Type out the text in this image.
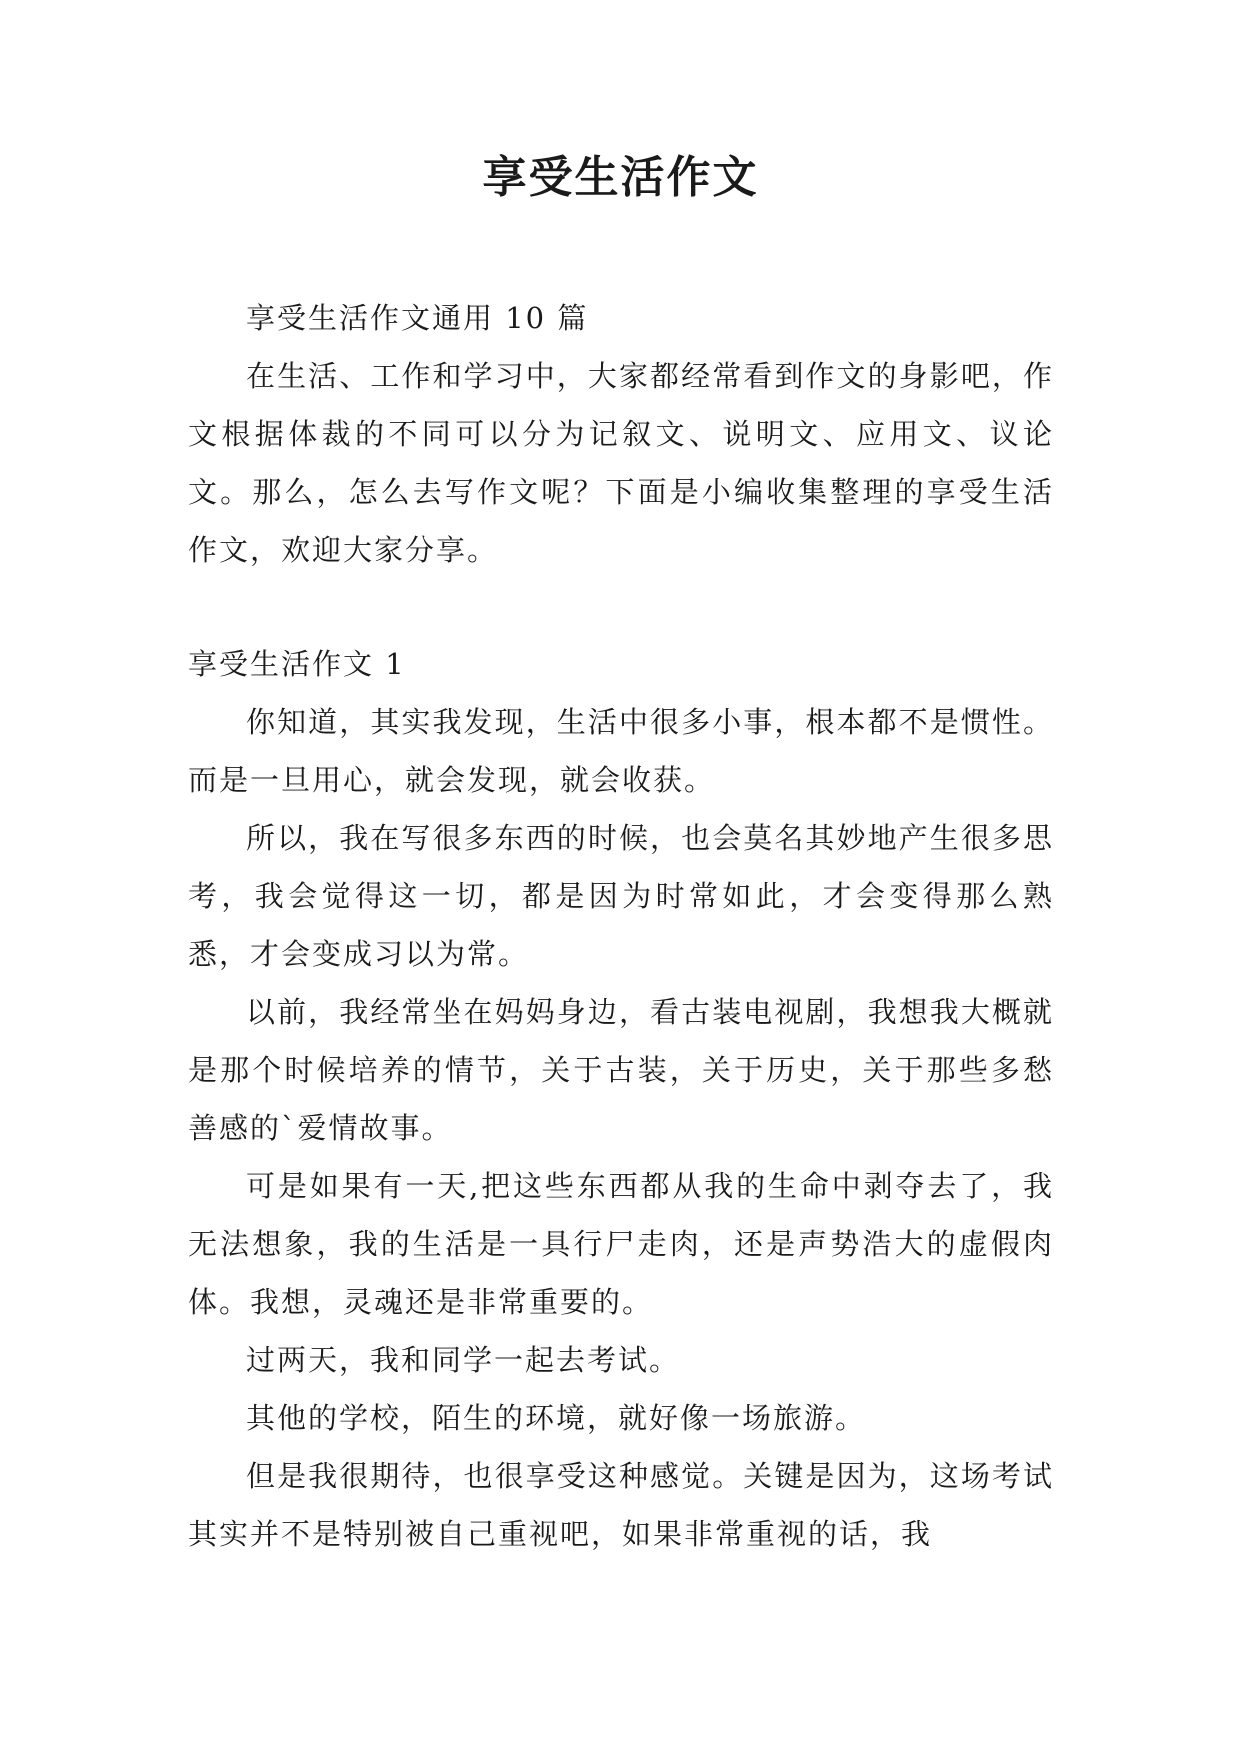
享受生活作文

享受生活作文通用 10 篇

在生活、工作和学习中，大家都经常看到作文的身影吧，作文根据体裁的不同可以分为记叙文、说明文、应用文、议论文。那么，怎么去写作文呢？下面是小编收集整理的享受生活作文，欢迎大家分享。

享受生活作文 1

你知道，其实我发现，生活中很多小事，根本都不是惯性。而是一旦用心，就会发现，就会收获。

所以，我在写很多东西的时候，也会莫名其妙地产生很多思考，我会觉得这一切，都是因为时常如此，才会变得那么熟悉，才会变成习以为常。

以前，我经常坐在妈妈身边，看古装电视剧，我想我大概就是那个时候培养的情节，关于古装，关于历史，关于那些多愁善感的`爱情故事。

可是如果有一天,把这些东西都从我的生命中剥夺去了，我无法想象，我的生活是一具行尸走肉，还是声势浩大的虚假肉体。我想，灵魂还是非常重要的。

过两天，我和同学一起去考试。

其他的学校，陌生的环境，就好像一场旅游。

但是我很期待，也很享受这种感觉。关键是因为，这场考试其实并不是特别被自己重视吧，如果非常重视的话，我
